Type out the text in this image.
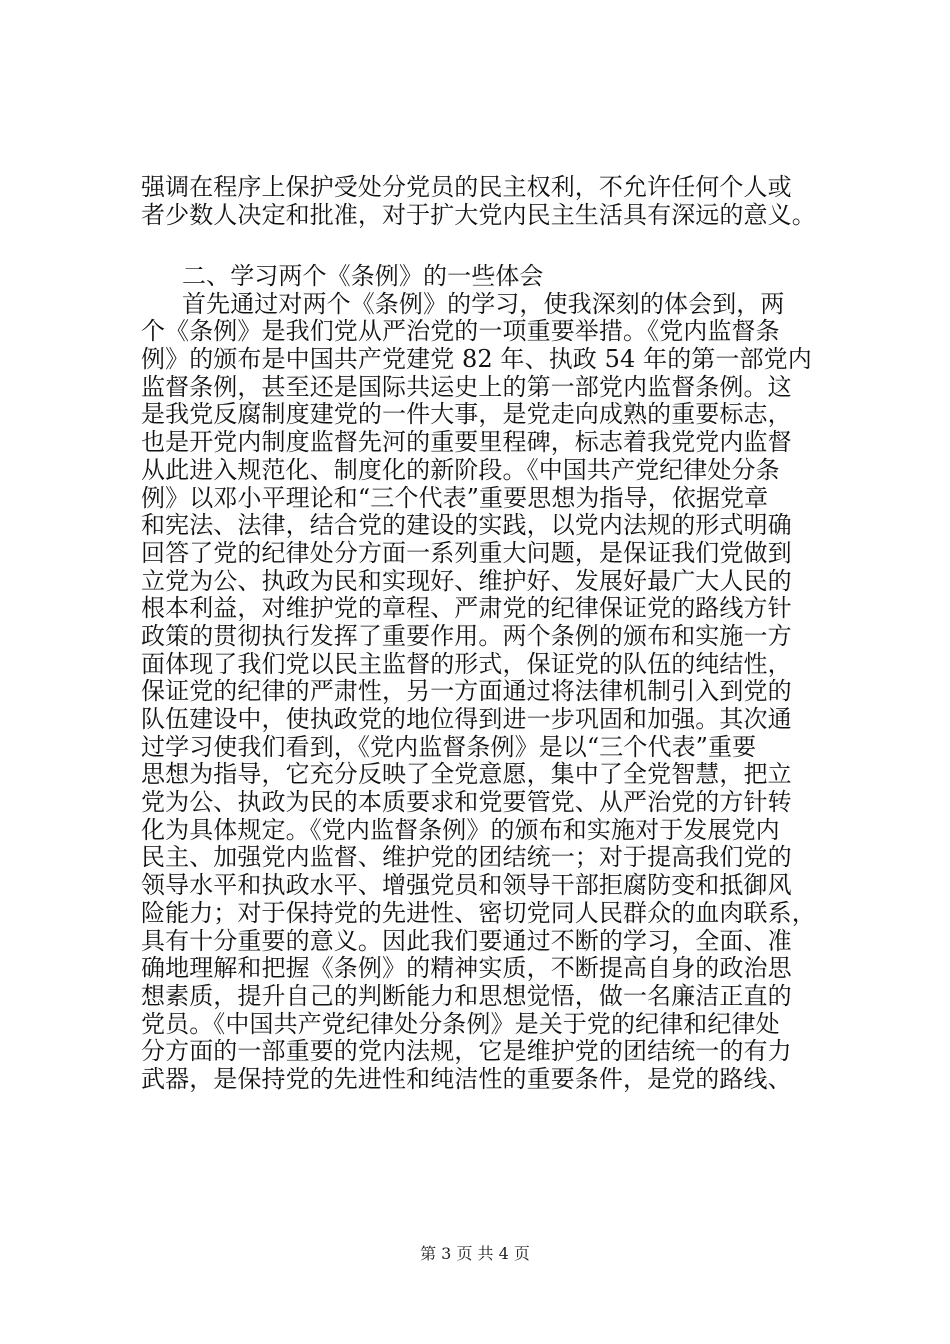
强调在程序上保护受处分党员的民主权利，不允许任何个人或
者少数人决定和批准，对于扩大党内民主生活具有深远的意义。
二、学习两个《条例》的一些体会
首先通过对两个《条例》的学习，使我深刻的体会到，两
个《条例》是我们党从严治党的一项重要举措。《党内监督条
例》的颁布是中国共产党建党 82 年、执政 54 年的第一部党内
监督条例，甚至还是国际共运史上的第一部党内监督条例。这
是我党反腐制度建党的一件大事，是党走向成熟的重要标志，
也是开党内制度监督先河的重要里程碑，标志着我党党内监督
从此进入规范化、制度化的新阶段。《中国共产党纪律处分条
例》以邓小平理论和“三个代表”重要思想为指导，依据党章
和宪法、法律，结合党的建设的实践，以党内法规的形式明确
回答了党的纪律处分方面一系列重大问题，是保证我们党做到
立党为公、执政为民和实现好、维护好、发展好最广大人民的
根本利益，对维护党的章程、严肃党的纪律保证党的路线方针
政策的贯彻执行发挥了重要作用。两个条例的颁布和实施一方
面体现了我们党以民主监督的形式，保证党的队伍的纯结性，
保证党的纪律的严肃性，另一方面通过将法律机制引入到党的
队伍建设中，使执政党的地位得到进一步巩固和加强。其次通
过学习使我们看到，《党内监督条例》是以“三个代表”重要
思想为指导，它充分反映了全党意愿，集中了全党智慧，把立
党为公、执政为民的本质要求和党要管党、从严治党的方针转
化为具体规定。《党内监督条例》的颁布和实施对于发展党内
民主、加强党内监督、维护党的团结统一；对于提高我们党的
领导水平和执政水平、增强党员和领导干部拒腐防变和抵御风
险能力；对于保持党的先进性、密切党同人民群众的血肉联系，
具有十分重要的意义。因此我们要通过不断的学习，全面、准
确地理解和把握《条例》的精神实质，不断提高自身的政治思
想素质，提升自己的判断能力和思想觉悟，做一名廉洁正直的
党员。《中国共产党纪律处分条例》是关于党的纪律和纪律处
分方面的一部重要的党内法规，它是维护党的团结统一的有力
武器，是保持党的先进性和纯洁性的重要条件，是党的路线、
第 3 页 共 4 页
